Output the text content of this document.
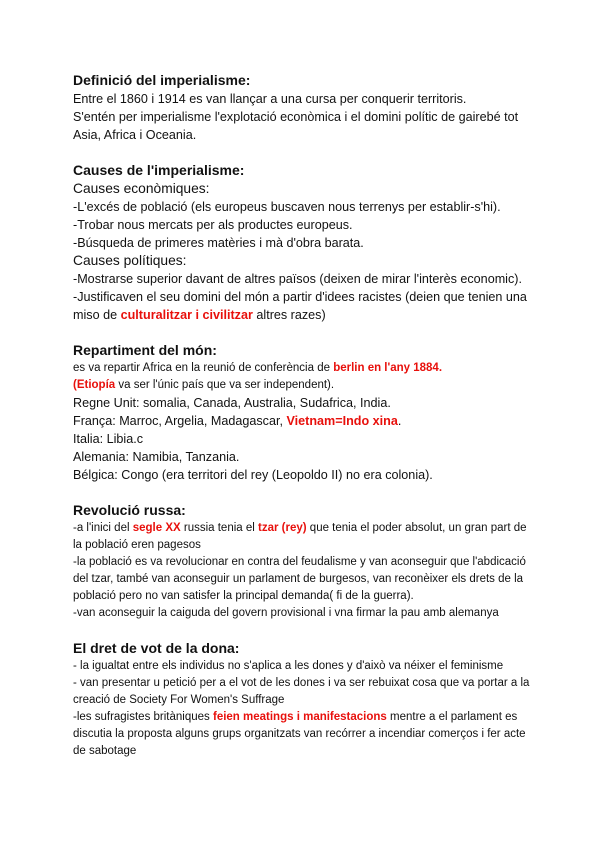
Definició del imperialisme:

Entre el 1860 i 1914 es van llançar a una cursa per conquerir territoris.

S'entén per imperialisme l'explotació econòmica i el domini polític de gairebé tot Asia, Africa i Oceania.

Causes de l'imperialisme:

Causes econòmiques:

-L'excés de població (els europeus buscaven nous terrenys per establir-s'hi).

-Trobar nous mercats per als productes europeus.

-Búsqueda de primeres matèries i mà d'obra barata.

Causes polítiques:

-Mostrarse superior davant de altres països (deixen de mirar l'interès economic).

-Justificaven el seu domini del món a partir d'idees racistes (deien que tenien una miso de culturalitzar i civilitzar altres razes)

Repartiment del món:

es va repartir Africa en la reunió de conferència de berlin en l'any 1884.

(Etiopía va ser l'únic país que va ser independent).

Regne Unit: somalia, Canada, Australia, Sudafrica, India.

França: Marroc, Argelia, Madagascar, Vietnam=Indo xina.

Italia: Libia.c

Alemania: Namibia, Tanzania.

Bélgica: Congo (era territori del rey (Leopoldo II) no era colonia).

Revolució russa:

-a l'inici del segle XX russia tenia el tzar (rey) que tenia el poder absolut, un gran part de la població eren pagesos

-la població es va revolucionar en contra del feudalisme y van aconseguir que l'abdicació del tzar, també van aconseguir un parlament de burgesos, van reconèixer els drets de la població pero no van satisfer la principal demanda( fi de la guerra).

-van aconseguir la caiguda del govern provisional i vna firmar la pau amb alemanya

El dret de vot de la dona:

- la igualtat entre els individus no s'aplica a les dones y d'això va néixer el feminisme

- van presentar u petició per a el vot de les dones i va ser rebuixat cosa que va portar a la creació de Society For Women's Suffrage

-les sufragistes britàniques feien meatings i manifestacions mentre a el parlament es discutia la proposta alguns grups organitzats van recórrer a incendiar comerços i fer acte de sabotage
